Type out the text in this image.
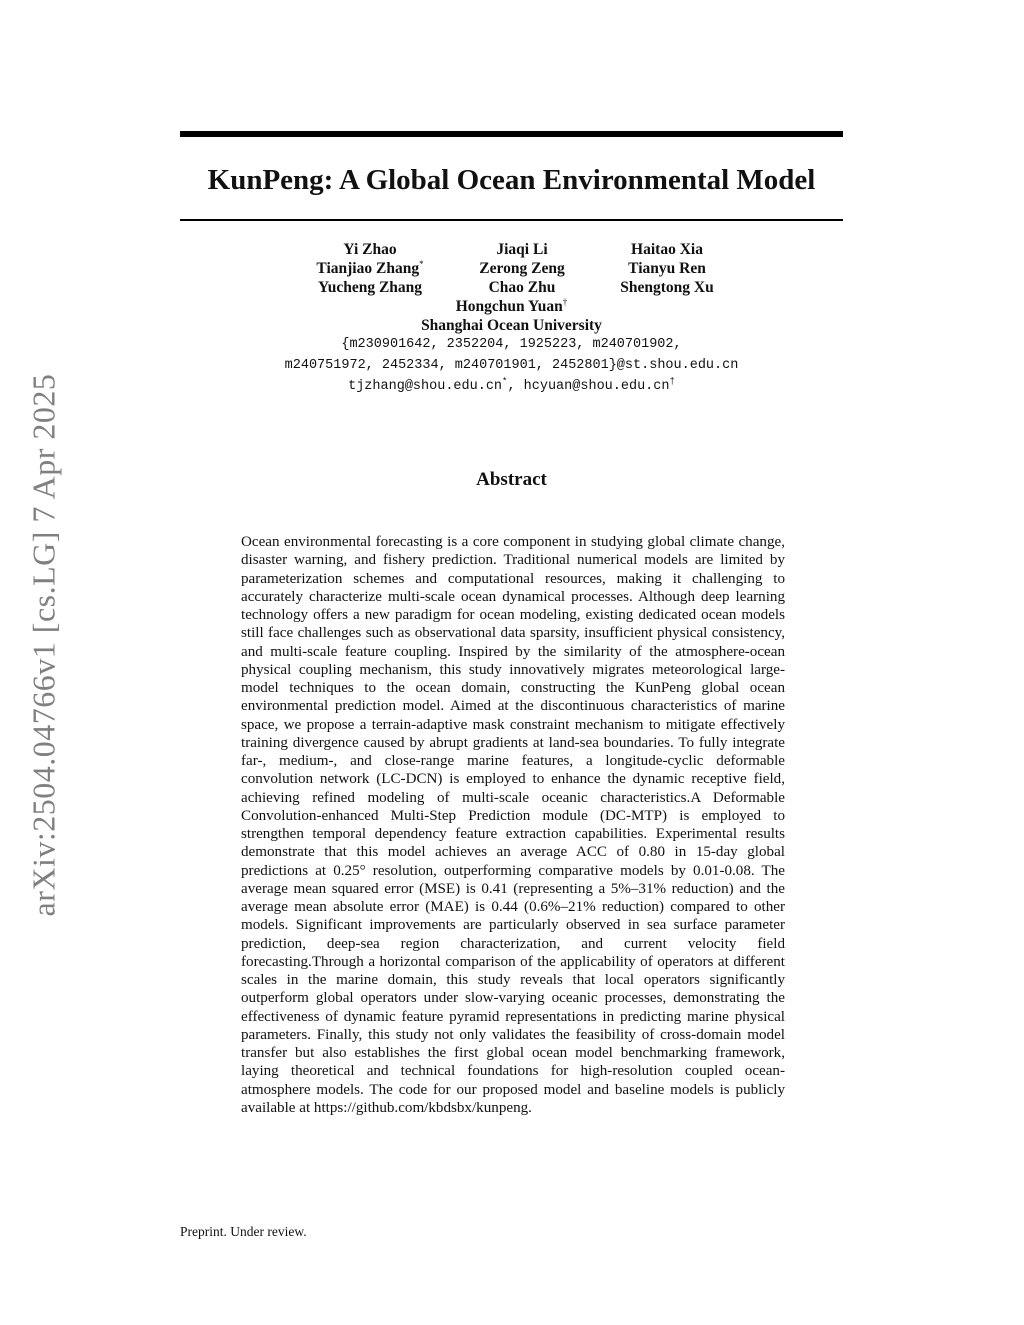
arXiv:2504.04766v1 [cs.LG] 7 Apr 2025
KunPeng: A Global Ocean Environmental Model
Yi Zhao	Jiaqi Li	Haitao Xia
Tianjiao Zhang*	Zerong Zeng	Tianyu Ren
Yucheng Zhang	Chao Zhu	Shengtong Xu
Hongchun Yuan†
Shanghai Ocean University
{m230901642, 2352204, 1925223, m240701902,
m240751972, 2452334, m240701901, 2452801}@st.shou.edu.cn
tjzhang@shou.edu.cn*, hcyuan@shou.edu.cn†
Abstract

Ocean environmental forecasting is a core component in studying global climate change, disaster warning, and fishery prediction. Traditional numerical models are limited by parameterization schemes and computational resources, making it challenging to accurately characterize multi-scale ocean dynamical processes. Although deep learning technology offers a new paradigm for ocean modeling, existing dedicated ocean models still face challenges such as observational data sparsity, insufficient physical consistency, and multi-scale feature coupling. Inspired by the similarity of the atmosphere-ocean physical coupling mechanism, this study innovatively migrates meteorological large-model techniques to the ocean domain, constructing the KunPeng global ocean environmental prediction model. Aimed at the discontinuous characteristics of marine space, we propose a terrain-adaptive mask constraint mechanism to mitigate effectively training divergence caused by abrupt gradients at land-sea boundaries. To fully integrate far-, medium-, and close-range marine features, a longitude-cyclic deformable convolution network (LC-DCN) is employed to enhance the dynamic receptive field, achieving refined modeling of multi-scale oceanic characteristics.A Deformable Convolution-enhanced Multi-Step Prediction module (DC-MTP) is employed to strengthen temporal dependency feature extraction capabilities. Experimental results demonstrate that this model achieves an average ACC of 0.80 in 15-day global predictions at 0.25° resolution, outperforming comparative models by 0.01-0.08. The average mean squared error (MSE) is 0.41 (representing a 5%–31% reduction) and the average mean absolute error (MAE) is 0.44 (0.6%–21% reduction) compared to other models. Significant improvements are particularly observed in sea surface parameter prediction, deep-sea region characterization, and current velocity field forecasting.Through a horizontal comparison of the applicability of operators at different scales in the marine domain, this study reveals that local operators significantly outperform global operators under slow-varying oceanic processes, demonstrating the effectiveness of dynamic feature pyramid representations in predicting marine physical parameters. Finally, this study not only validates the feasibility of cross-domain model transfer but also establishes the first global ocean model benchmarking framework, laying theoretical and technical foundations for high-resolution coupled ocean-atmosphere models. The code for our proposed model and baseline models is publicly available at https://github.com/kbdsbx/kunpeng.

Preprint. Under review.
